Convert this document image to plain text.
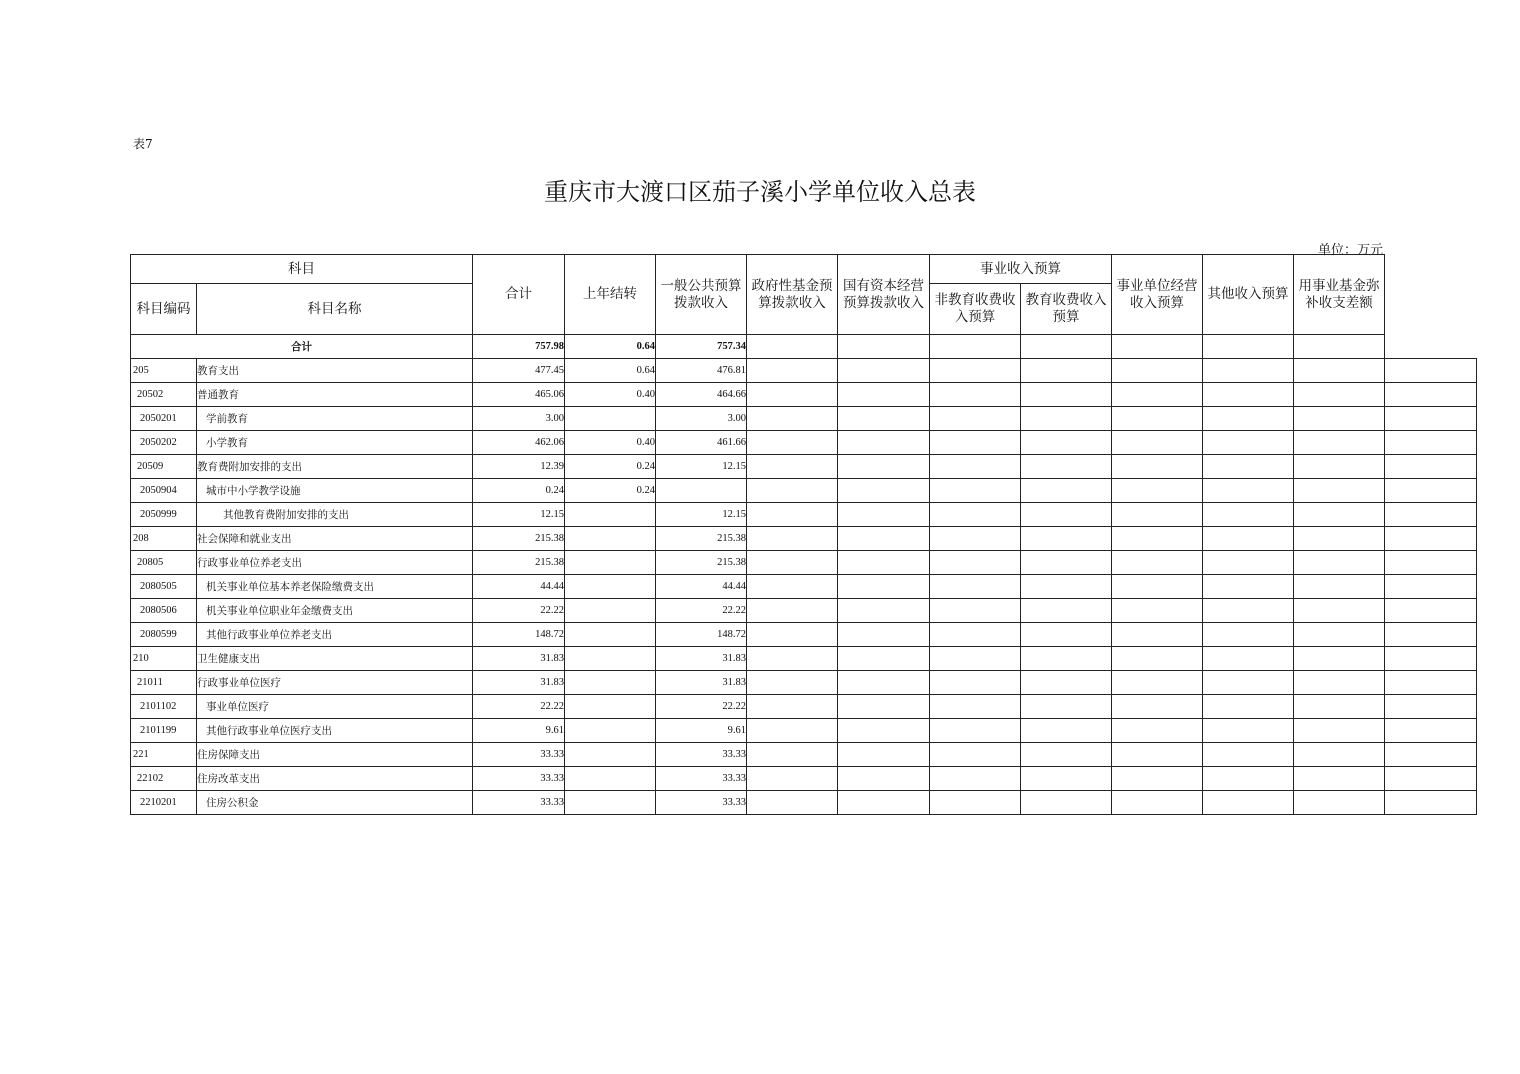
表7
重庆市大渡口区茄子溪小学单位收入总表
单位：万元
科目		合计	上年结转	一般公共预算拨款收入	政府性基金预算拨款收入	国有资本经营预算拨款收入	事业收入预算		事业单位经营收入预算	其他收入预算	用事业基金弥补收支差额	
科目编码	科目名称						非教育收费收入预算	教育收费收入预算				
合计		757.98	0.64	757.34								
205	教育支出	477.45	0.64	476.81								
20502	普通教育	465.06	0.40	464.66								
2050201	学前教育	3.00		3.00								
2050202	小学教育	462.06	0.40	461.66								
20509	教育费附加安排的支出	12.39	0.24	12.15								
2050904	城市中小学教学设施	0.24	0.24									
2050999	其他教育费附加安排的支出	12.15		12.15								
208	社会保障和就业支出	215.38		215.38								
20805	行政事业单位养老支出	215.38		215.38								
2080505	机关事业单位基本养老保险缴费支出	44.44		44.44								
2080506	机关事业单位职业年金缴费支出	22.22		22.22								
2080599	其他行政事业单位养老支出	148.72		148.72								
210	卫生健康支出	31.83		31.83								
21011	行政事业单位医疗	31.83		31.83								
2101102	事业单位医疗	22.22		22.22								
2101199	其他行政事业单位医疗支出	9.61		9.61								
221	住房保障支出	33.33		33.33								
22102	住房改革支出	33.33		33.33								
2210201	住房公积金	33.33		33.33								
